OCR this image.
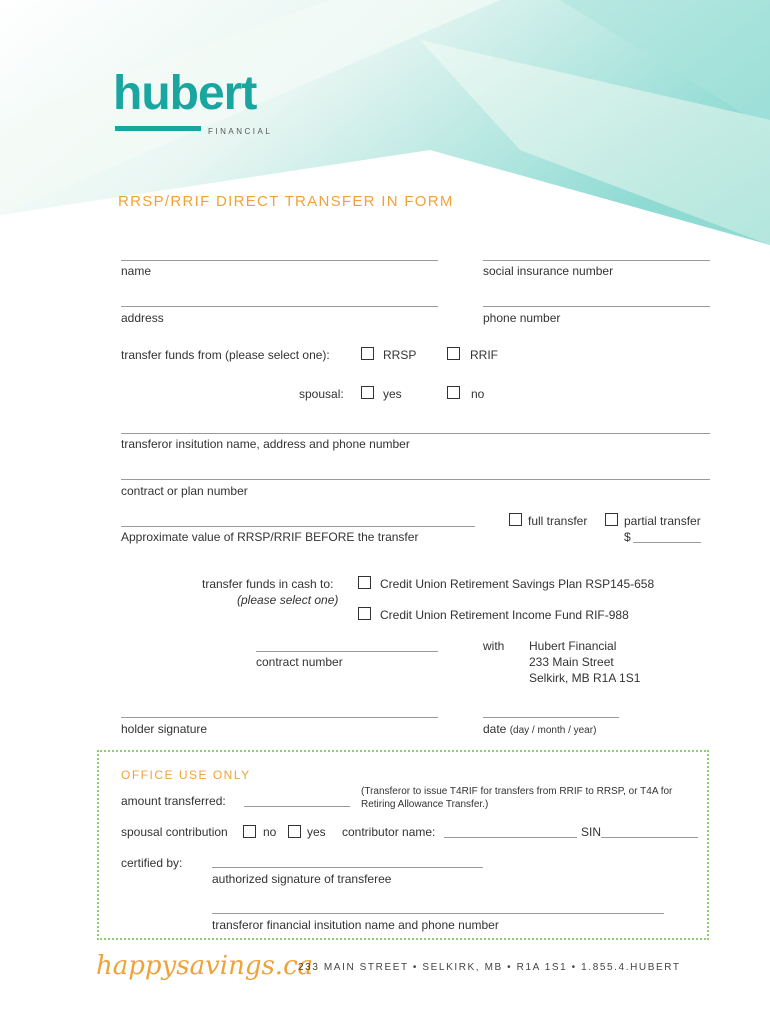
hubert
FINANCIAL
RRSP/RRIF DIRECT TRANSFER IN FORM
name	social insurance number
address	phone number
transfer funds from (please select one):	RRSP	RRIF
spousal:	yes	no
transferor insitution name, address and phone number
contract or plan number
full transfer	partial transfer
Approximate value of RRSP/RRIF BEFORE the transfer	$
transfer funds in cash to:
(please select one)
Credit Union Retirement Savings Plan RSP145-658
Credit Union Retirement Income Fund RIF-988
contract number
with Hubert Financial
233 Main Street
Selkirk, MB R1A 1S1
holder signature	date (day / month / year)
OFFICE USE ONLY
amount transferred:
(Transferor to issue T4RIF for transfers from RRIF to RRSP, or T4A for Retiring Allowance Transfer.)
spousal contribution	no	yes contributor name:	SIN
certified by:
authorized signature of transferee
transferor financial insitution name and phone number
happysavings.ca
233 MAIN STREET • SELKIRK, MB • R1A 1S1 • 1.855.4.HUBERT
